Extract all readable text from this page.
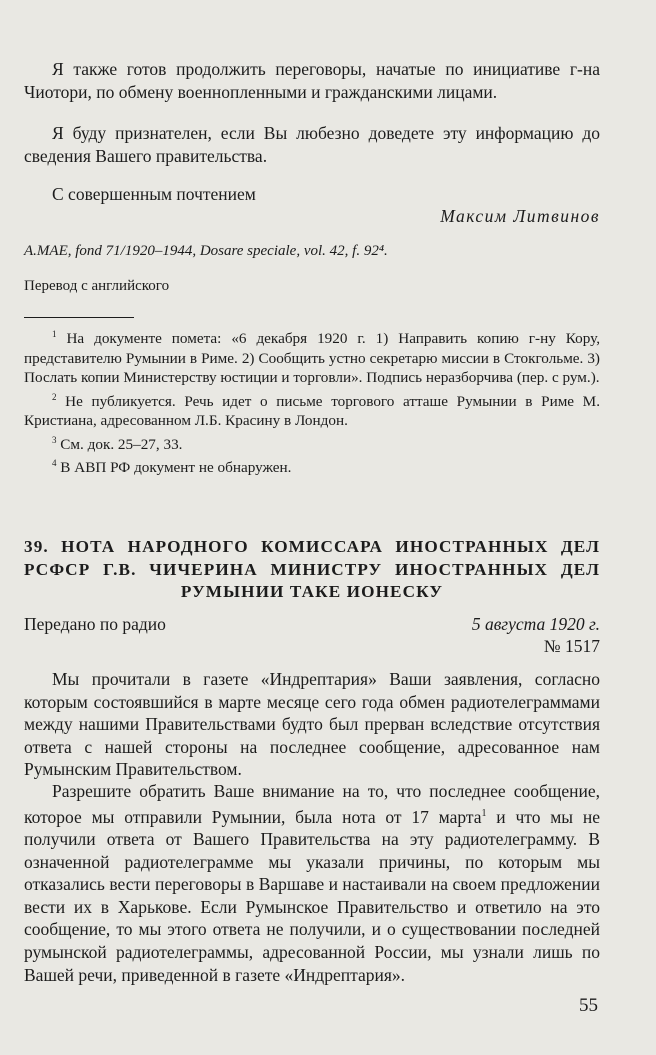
Я также готов продолжить переговоры, начатые по инициативе г-на Чиотори, по обмену военнопленными и гражданскими лицами.

Я буду признателен, если Вы любезно доведете эту информацию до сведения Вашего правительства.

С совершенным почтением
Максим Литвинов
A.MAE, fond 71/1920–1944, Dosare speciale, vol. 42, f. 92⁴.
Перевод с английского
$^1$ На документе помета: «6 декабря 1920 г. 1) Направить копию г-ну Кору, представителю Румынии в Риме. 2) Сообщить устно секретарю миссии в Стокгольме. 3) Послать копии Министерству юстиции и торговли». Подпись неразборчива (пер. с рум.).
$^2$ Не публикуется. Речь идет о письме торгового атташе Румынии в Риме М. Кристиана, адресованном Л.Б. Красину в Лондон.
$^3$ См. док. 25–27, 33.
$^4$ В АВП РФ документ не обнаружен.
39. НОТА НАРОДНОГО КОМИССАРА ИНОСТРАННЫХ ДЕЛ РСФСР Г.В. ЧИЧЕРИНА МИНИСТРУ ИНОСТРАННЫХ ДЕЛ РУМЫНИИ ТАКЕ ИОНЕСКУ
Передано по радио	5 августа 1920 г.
№ 1517

Мы прочитали в газете «Индрептария» Ваши заявления, согласно которым состоявшийся в марте месяце сего года обмен радиотелеграммами между нашими Правительствами будто был прерван вследствие отсутствия ответа с нашей стороны на последнее сообщение, адресованное нам Румынским Правительством.

Разрешите обратить Ваше внимание на то, что последнее сообщение, которое мы отправили Румынии, была нота от 17 марта$^1$ и что мы не получили ответа от Вашего Правительства на эту радиотелеграмму. В означенной радиотелеграмме мы указали причины, по которым мы отказались вести переговоры в Варшаве и настаивали на своем предложении вести их в Харькове. Если Румынское Правительство и ответило на это сообщение, то мы этого ответа не получили, и о существовании последней румынской радиотелеграммы, адресованной России, мы узнали лишь по Вашей речи, приведенной в газете «Индрептария».

55
